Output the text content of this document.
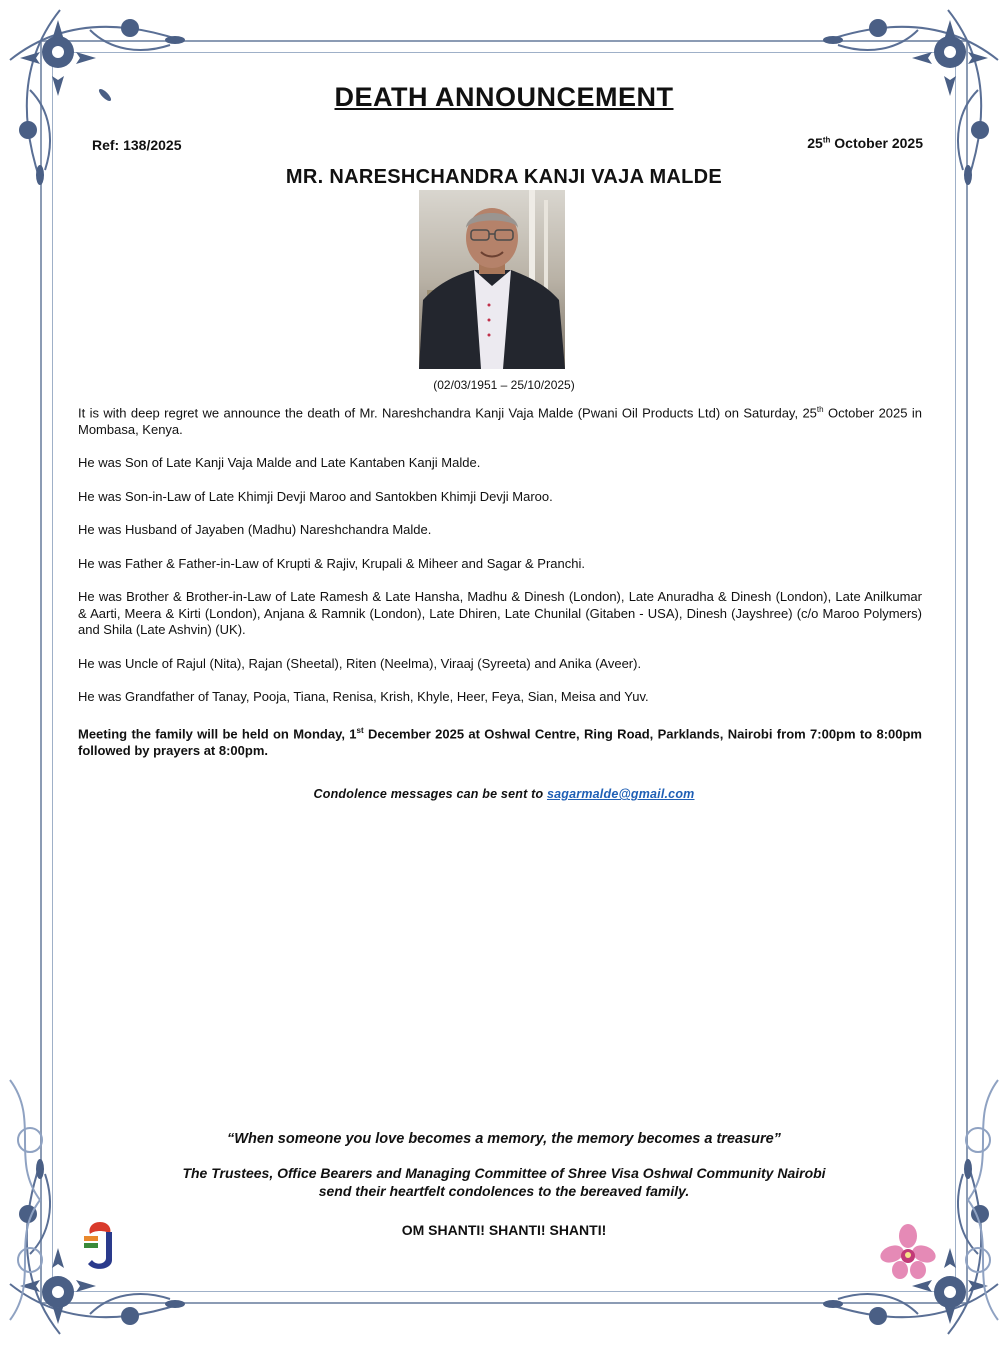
DEATH ANNOUNCEMENT
Ref: 138/2025	25th October 2025
MR. NARESHCHANDRA KANJI VAJA MALDE
(02/03/1951 – 25/10/2025)

It is with deep regret we announce the death of Mr. Nareshchandra Kanji Vaja Malde (Pwani Oil Products Ltd) on Saturday, 25th October 2025 in Mombasa, Kenya.

He was Son of Late Kanji Vaja Malde and Late Kantaben Kanji Malde.

He was Son-in-Law of Late Khimji Devji Maroo and Santokben Khimji Devji Maroo.

He was Husband of Jayaben (Madhu) Nareshchandra Malde.

He was Father & Father-in-Law of Krupti & Rajiv, Krupali & Miheer and Sagar & Pranchi.

He was Brother & Brother-in-Law of Late Ramesh & Late Hansha, Madhu & Dinesh (London), Late Anuradha & Dinesh (London), Late Anilkumar & Aarti, Meera & Kirti (London), Anjana & Ramnik (London), Late Dhiren, Late Chunilal (Gitaben - USA), Dinesh (Jayshree) (c/o Maroo Polymers) and Shila (Late Ashvin) (UK).

He was Uncle of Rajul (Nita), Rajan (Sheetal), Riten (Neelma), Viraaj (Syreeta) and Anika (Aveer).

He was Grandfather of Tanay, Pooja, Tiana, Renisa, Krish, Khyle, Heer, Feya, Sian, Meisa and Yuv.

Meeting the family will be held on Monday, 1st December 2025 at Oshwal Centre, Ring Road, Parklands, Nairobi from 7:00pm to 8:00pm followed by prayers at 8:00pm.

Condolence messages can be sent to sagarmalde@gmail.com
“When someone you love becomes a memory, the memory becomes a treasure”
The Trustees, Office Bearers and Managing Committee of Shree Visa Oshwal Community Nairobi
send their heartfelt condolences to the bereaved family.
OM SHANTI! SHANTI! SHANTI!
